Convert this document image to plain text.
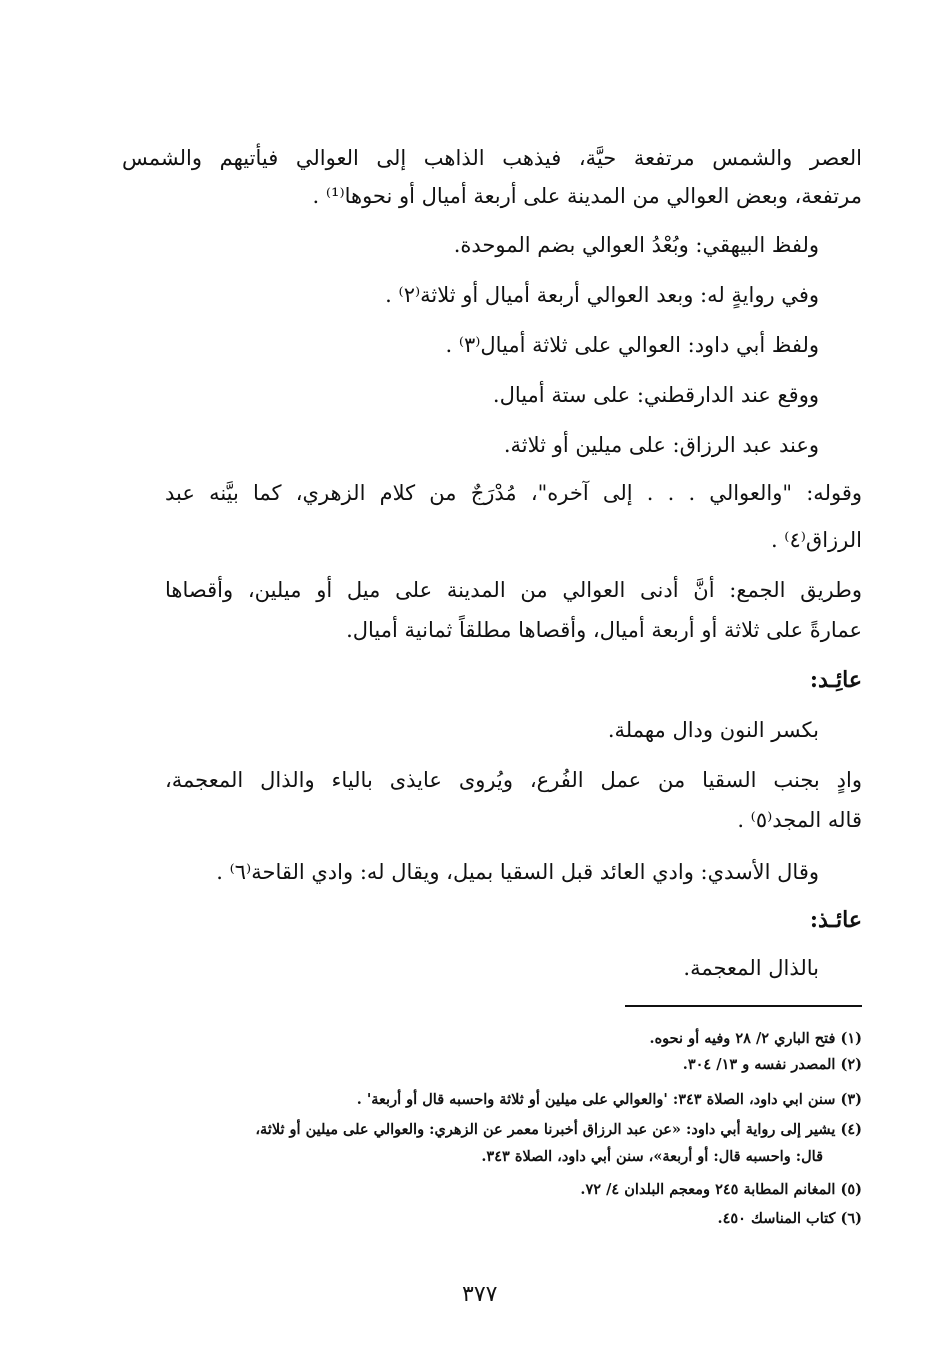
العصر والشمس مرتفعة حيَّة، فيذهب الذاهب إلى العوالي فيأتيهم والشمس
مرتفعة، وبعض العوالي من المدينة على أربعة أميال أو نحوها⁽¹⁾ .
ولفظ البيهقي: وبُعْدُ العوالي بضم الموحدة.
وفي روايةٍ له: وبعد العوالي أربعة أميال أو ثلاثة⁽٢⁾ .
ولفظ أبي داود: العوالي على ثلاثة أميال⁽٣⁾ .
ووقع عند الدارقطني: على ستة أميال.
وعند عبد الرزاق: على ميلين أو ثلاثة.
وقوله: "والعوالي . . . إلى آخره"، مُدْرَجٌ من كلام الزهري، كما بيَّنه عبد
الرزاق⁽٤⁾ .
وطريق الجمع: أنَّ أدنى العوالي من المدينة على ميل أو ميلين، وأقصاها
عمارةً على ثلاثة أو أربعة أميال، وأقصاها مطلقاً ثمانية أميال.
عائِـد:
بكسر النون ودال مهملة.
وادٍ بجنب السقيا من عمل الفُرع، ويُروى عايذى بالياء والذال المعجمة،
قاله المجد⁽٥⁾ .
وقال الأسدي: وادي العائد قبل السقيا بميل، ويقال له: وادي القاحة⁽٦⁾ .
عائـذ:
بالذال المعجمة.
(١) فتح الباري ٢/ ٢٨ وفيه أو نحوه.
(٢) المصدر نفسه و ١٣/ ٣٠٤.
(٣) سنن ابي داود، الصلاة ٣٤٣: 'والعوالي على ميلين أو ثلاثة واحسبه قال أو أربعة' .
(٤) يشير إلى رواية أبي داود: «عن عبد الرزاق أخبرنا معمر عن الزهري: والعوالي على ميلين أو ثلاثة،
قال: واحسبه قال: أو أربعة»، سنن أبي داود، الصلاة ٣٤٣.
(٥) المغانم المطابة ٢٤٥ ومعجم البلدان ٤/ ٧٢.
(٦) كتاب المناسك ٤٥٠.
٣٧٧
